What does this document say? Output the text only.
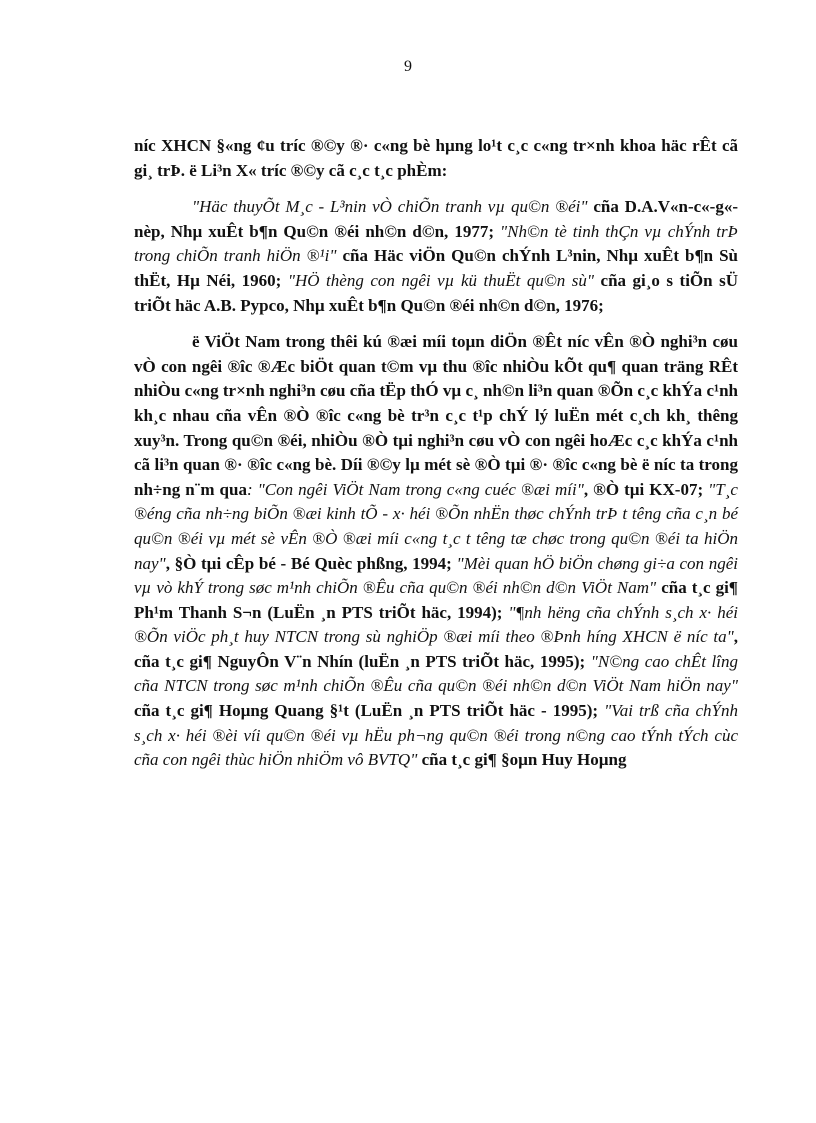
9

níc XHCN §«ng ¢u tríc ®©y ®· c«ng bè hµng lo¹t c¸c c«ng tr×nh khoa häc rÊt cã gi¸ trÞ. ë Li³n X« tríc ®©y cã c¸c t¸c phÈm:

"Häc thuyÕt M¸c - L³nin vÒ chiÕn tranh vµ qu©n ®éi" cña D.A.V«n-c«-g«-nèp, Nhµ xuÊt b¶n Qu©n ®éi nh©n d©n, 1977; "Nh©n tè tinh thÇn vµ chÝnh trÞ trong chiÕn tranh hiÖn ®¹i" cña Häc viÖn Qu©n chÝnh L³nin, Nhµ xuÊt b¶n Sù thËt, Hµ Néi, 1960; "HÖ thèng con ngêi vµ kü thuËt qu©n sù" cña gi¸o s tiÕn sÜ triÕt häc A.B. Pypco, Nhµ xuÊt b¶n Qu©n ®éi nh©n d©n, 1976;

ë ViÖt Nam trong thêi kú ®æi míi toµn diÖn ®Êt níc vÊn ®Ò nghi³n cøu vÒ con ngêi ®îc ®Æc biÖt quan t©m vµ thu ®îc nhiÒu kÕt qu¶ quan träng RÊt nhiÒu c«ng tr×nh nghi³n cøu cña tËp thÓ vµ c¸ nh©n li³n quan ®Õn c¸c khÝa c¹nh kh¸c nhau cña vÊn ®Ò ®îc c«ng bè tr³n c¸c t¹p chÝ lý luËn mét c¸ch kh¸ thêng xuy³n. Trong qu©n ®éi, nhiÒu ®Ò tµi nghi³n cøu vÒ con ngêi hoÆc c¸c khÝa c¹nh cã li³n quan ®· ®îc c«ng bè. Díi ®©y lµ mét sè ®Ò tµi ®· ®îc c«ng bè ë níc ta trong nh÷ng n¨m qua: "Con ngêi ViÖt Nam trong c«ng cuéc ®æi míi", ®Ò tµi KX-07; "T¸c ®éng cña nh÷ng biÕn ®æi kinh tÕ - x· héi ®Õn nhËn thøc chÝnh trÞ t têng cña c¸n bé qu©n ®éi vµ mét sè vÊn ®Ò ®æi míi c«ng t¸c t têng tæ chøc trong qu©n ®éi ta hiÖn nay", §Ò tµi cÊp bé - Bé Quèc phßng, 1994; "Mèi quan hÖ biÖn chøng gi÷a con ngêi vµ vò khÝ trong søc m¹nh chiÕn ®Êu cña qu©n ®éi nh©n d©n ViÖt Nam" cña t¸c gi¶ Ph¹m Thanh S¬n (LuËn ¸n PTS triÕt häc, 1994); "¶nh hëng cña chÝnh s¸ch x· héi ®Õn viÖc ph¸t huy NTCN trong sù nghiÖp ®æi míi theo ®Þnh híng XHCN ë níc ta", cña t¸c gi¶ NguyÔn V¨n Nhín (luËn ¸n PTS triÕt häc, 1995); "N©ng cao chÊt lîng cña NTCN trong søc m¹nh chiÕn ®Êu cña qu©n ®éi nh©n d©n ViÖt Nam hiÖn nay" cña t¸c gi¶ Hoµng Quang §¹t (LuËn ¸n PTS triÕt häc - 1995); "Vai trß cña chÝnh s¸ch x· héi ®èi víi qu©n ®éi vµ hËu ph¬ng qu©n ®éi trong n©ng cao tÝnh tÝch cùc cña con ngêi thùc hiÖn nhiÖm vô BVTQ" cña t¸c gi¶ §oµn Huy Hoµng
